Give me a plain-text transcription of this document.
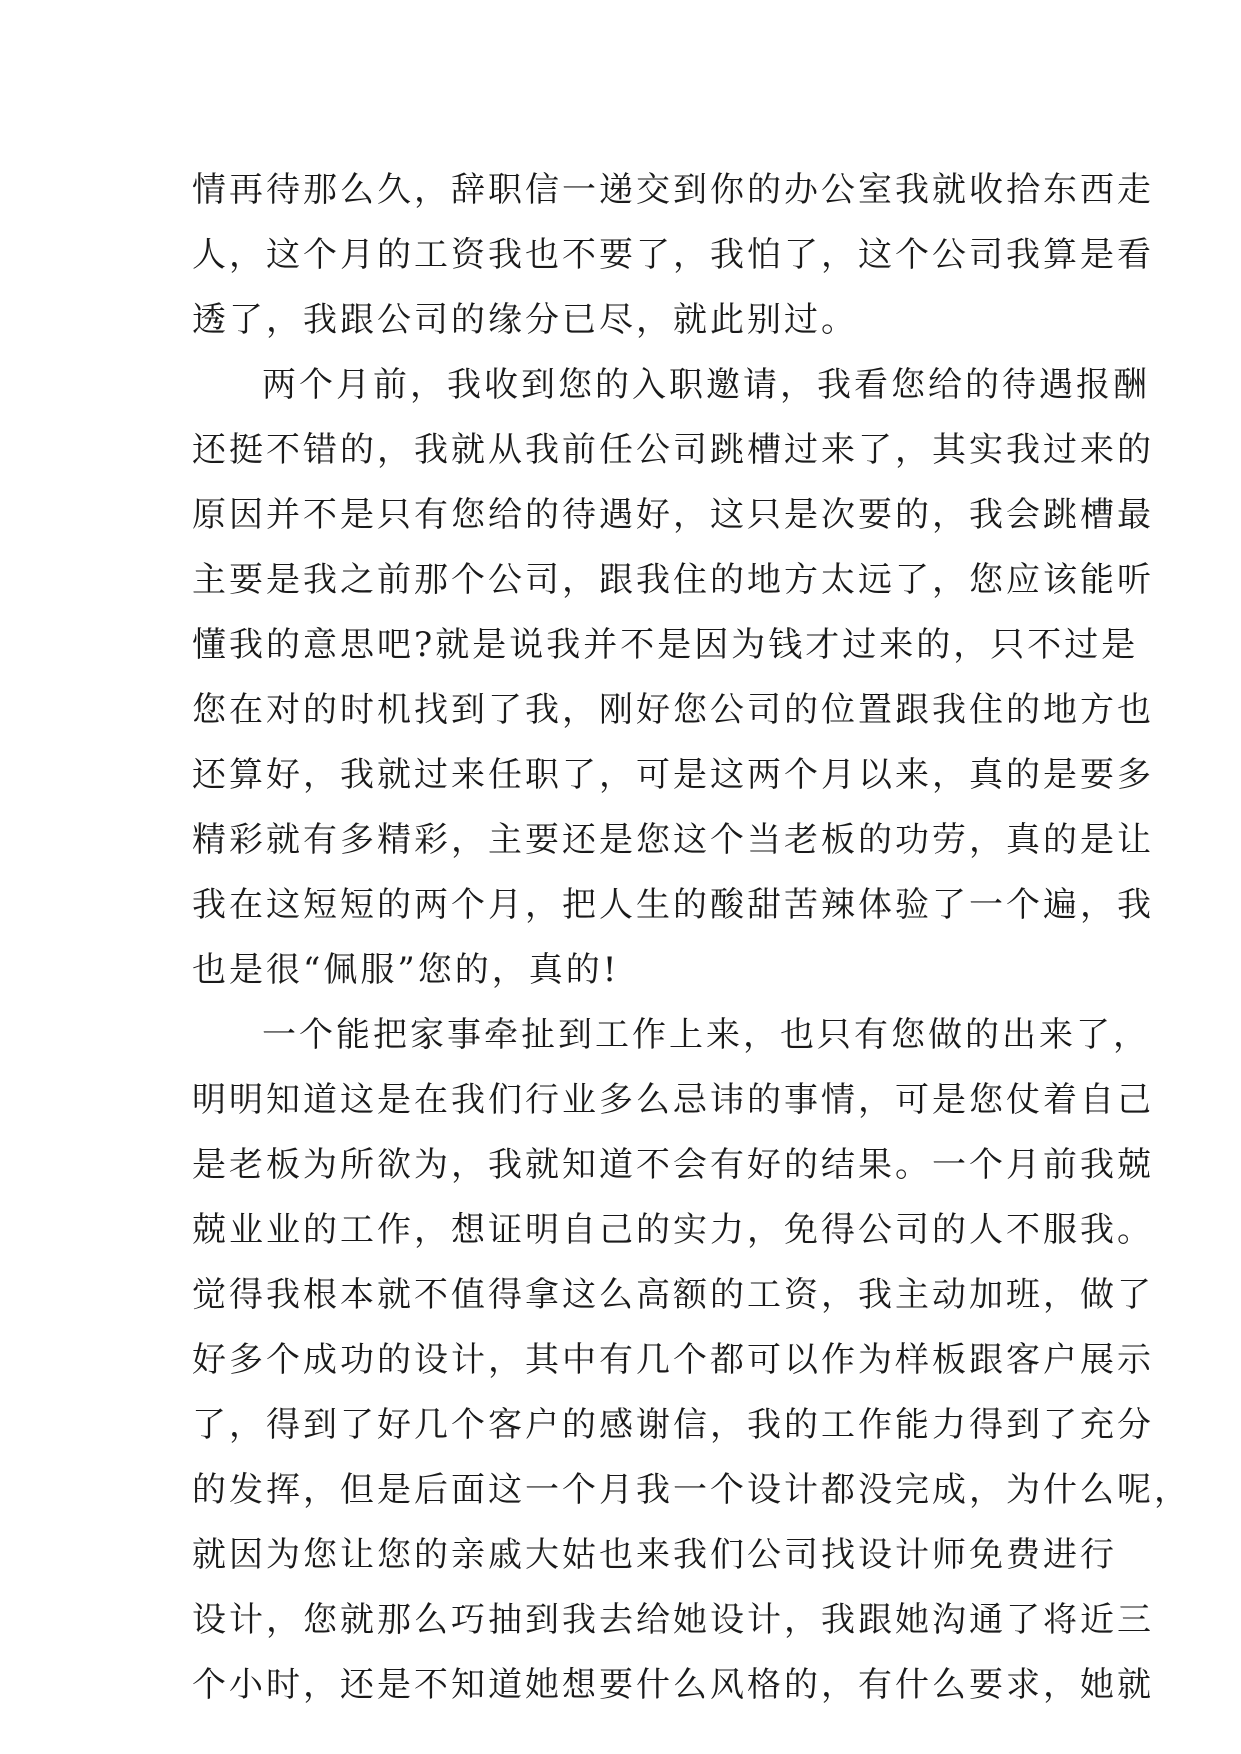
情再待那么久，辞职信一递交到你的办公室我就收拾东西走
人，这个月的工资我也不要了，我怕了，这个公司我算是看
透了，我跟公司的缘分已尽，就此别过。
两个月前，我收到您的入职邀请，我看您给的待遇报酬
还挺不错的，我就从我前任公司跳槽过来了，其实我过来的
原因并不是只有您给的待遇好，这只是次要的，我会跳槽最
主要是我之前那个公司，跟我住的地方太远了，您应该能听
懂我的意思吧?就是说我并不是因为钱才过来的，只不过是
您在对的时机找到了我，刚好您公司的位置跟我住的地方也
还算好，我就过来任职了，可是这两个月以来，真的是要多
精彩就有多精彩，主要还是您这个当老板的功劳，真的是让
我在这短短的两个月，把人生的酸甜苦辣体验了一个遍，我
也是很“佩服”您的，真的!
一个能把家事牵扯到工作上来，也只有您做的出来了，
明明知道这是在我们行业多么忌讳的事情，可是您仗着自己
是老板为所欲为，我就知道不会有好的结果。一个月前我兢
兢业业的工作，想证明自己的实力，免得公司的人不服我。
觉得我根本就不值得拿这么高额的工资，我主动加班，做了
好多个成功的设计，其中有几个都可以作为样板跟客户展示
了，得到了好几个客户的感谢信，我的工作能力得到了充分
的发挥，但是后面这一个月我一个设计都没完成，为什么呢，
就因为您让您的亲戚大姑也来我们公司找设计师免费进行
设计，您就那么巧抽到我去给她设计，我跟她沟通了将近三
个小时，还是不知道她想要什么风格的，有什么要求，她就
